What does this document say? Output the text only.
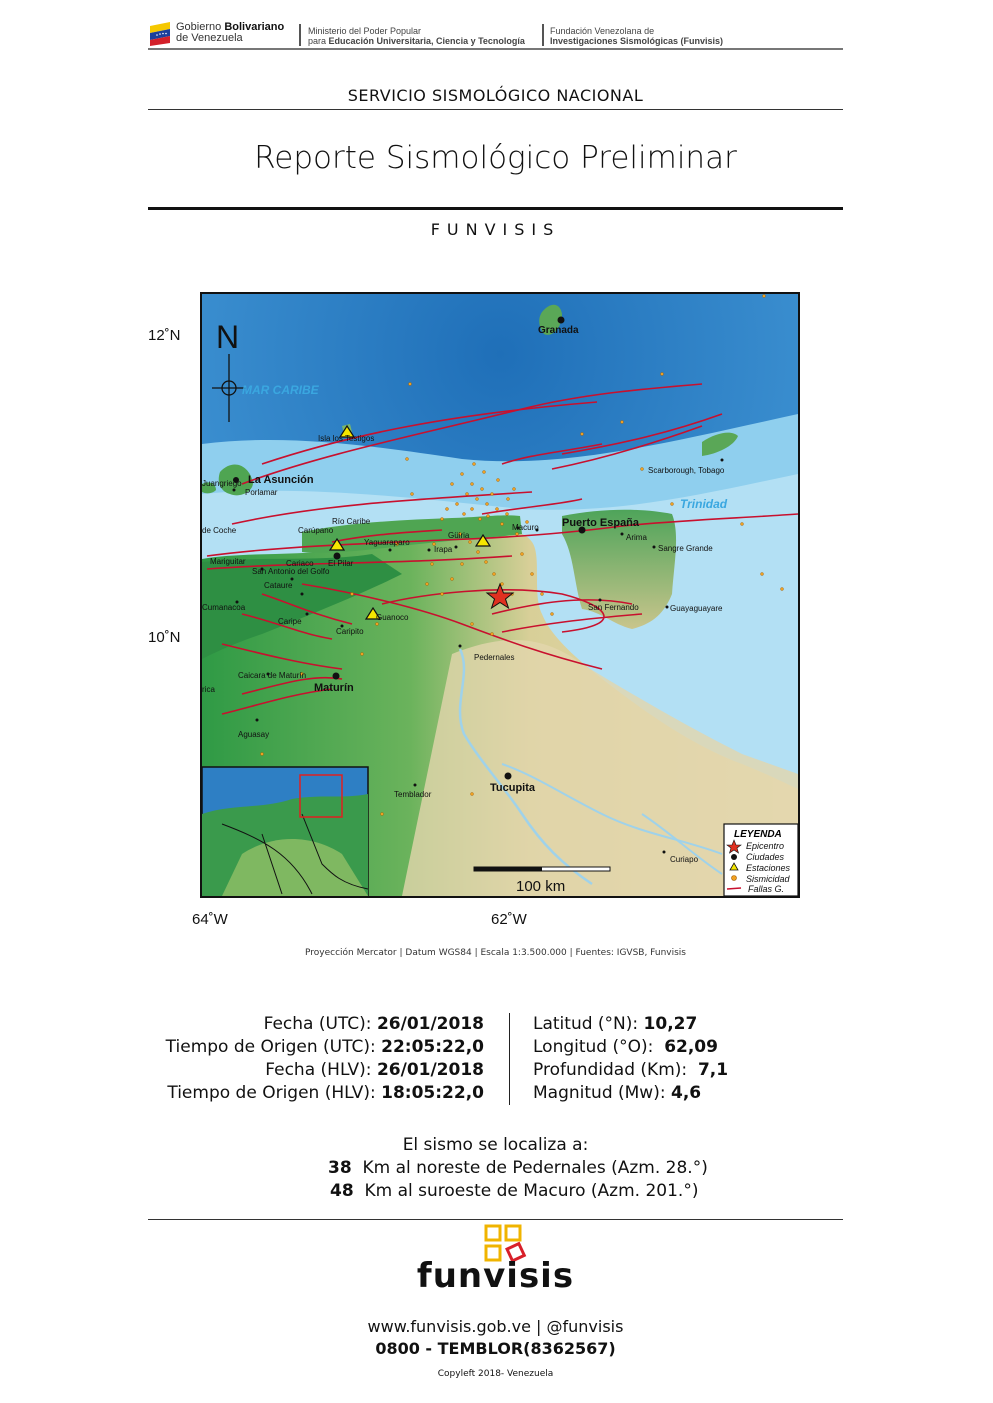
Gobierno Bolivariano
de Venezuela
Ministerio del Poder Popular
para Educación Universitaria, Ciencia y Tecnología
Fundación Venezolana de
Investigaciones Sismológicas (Funvisis)
SERVICIO SISMOLÓGICO NACIONAL
Reporte Sismológico Preliminar
FUNVISIS
12˚N
10˚N
64˚W	62˚W
N
MAR CARIBE
Trinidad
Granada
Isla los Testigos
La Asunción
Porlamar
Juangriego
Scarborough, Tobago
de Coche
Río Caribe
Carúpano
Güiria
Macuro Puerto España
Arima
Sangre Grande
Yaguaraparo
Irapa
Mariguitar	Cariaco El Pilar
San Antonio del Golfo
Cumanacoa
Caripe
Caripito
Guanoco
Cataure
San Fernando	Guayaguayare
Pedernales
Caicara de Maturín
Maturín
rica
Aguasay
Temblador
Tucupita
Curiapo
100 km
LEYENDA
Epicentro
Ciudades
Estaciones
Sismicidad
Fallas G.
Proyección Mercator | Datum WGS84 | Escala 1:3.500.000 | Fuentes: IGVSB, Funvisis
Fecha (UTC): 26/01/2018
Tiempo de Origen (UTC): 22:05:22,0
Fecha (HLV): 26/01/2018
Tiempo de Origen (HLV): 18:05:22,0
Latitud (°N): 10,27
Longitud (°O):  62,09
Profundidad (Km):  7,1
Magnitud (Mw): 4,6
El sismo se localiza a:
38  Km al noreste de Pedernales (Azm. 28.°)
48  Km al suroeste de Macuro (Azm. 201.°)
funvisis
www.funvisis.gob.ve | @funvisis
0800 - TEMBLOR(8362567)
Copyleft 2018- Venezuela
